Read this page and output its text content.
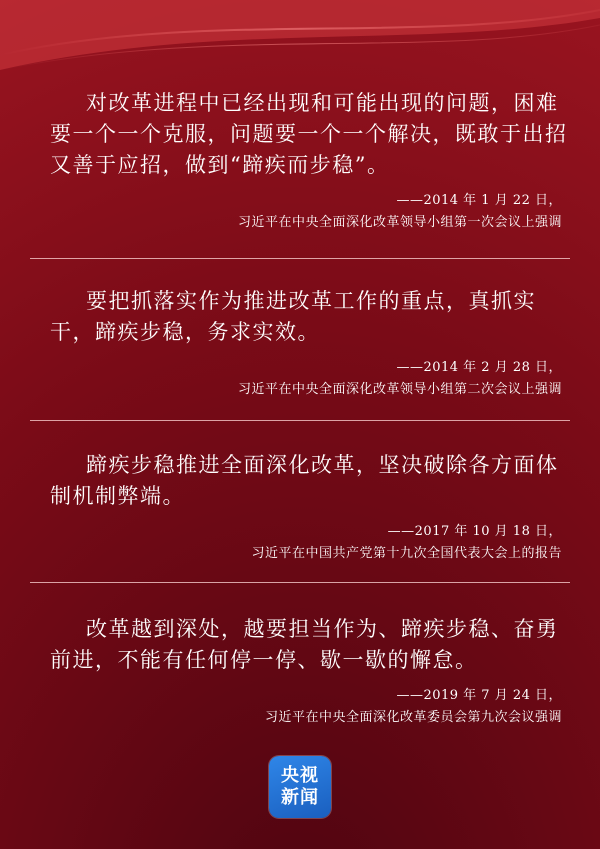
对改革进程中已经出现和可能出现的问题，困难要一个一个克服，问题要一个一个解决，既敢于出招又善于应招，做到“蹄疾而步稳”。

——2014 年 1 月 22 日，
习近平在中央全面深化改革领导小组第一次会议上强调

要把抓落实作为推进改革工作的重点，真抓实干，蹄疾步稳，务求实效。

——2014 年 2 月 28 日，
习近平在中央全面深化改革领导小组第二次会议上强调

蹄疾步稳推进全面深化改革，坚决破除各方面体制机制弊端。

——2017 年 10 月 18 日，
习近平在中国共产党第十九次全国代表大会上的报告

改革越到深处，越要担当作为、蹄疾步稳、奋勇前进，不能有任何停一停、歇一歇的懈怠。

——2019 年 7 月 24 日，
习近平在中央全面深化改革委员会第九次会议强调
央视
新闻
